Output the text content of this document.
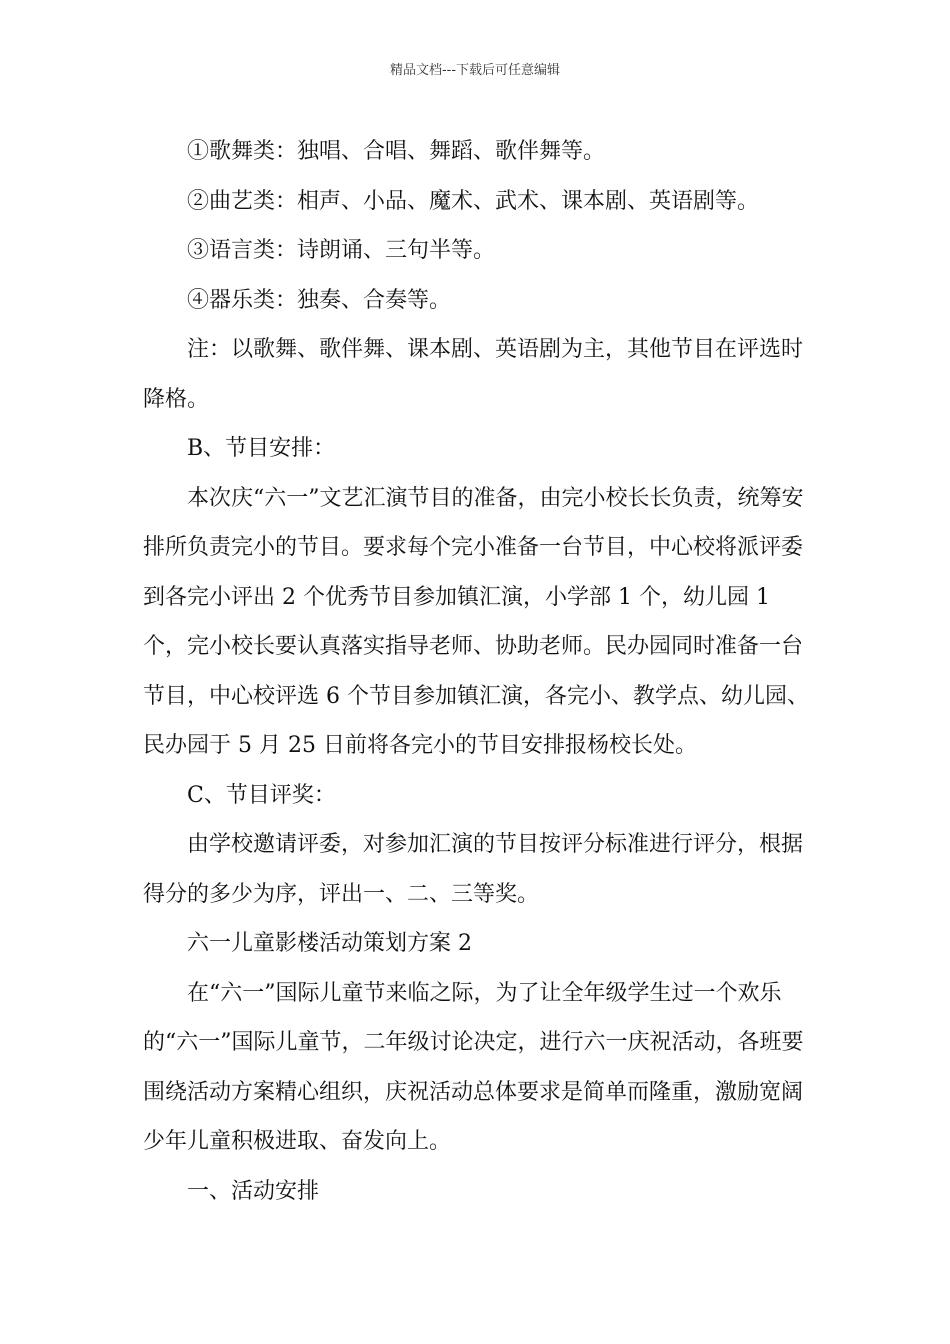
精品文档---下载后可任意编辑

①歌舞类：独唱、合唱、舞蹈、歌伴舞等。

②曲艺类：相声、小品、魔术、武术、课本剧、英语剧等。

③语言类：诗朗诵、三句半等。

④器乐类：独奏、合奏等。

注：以歌舞、歌伴舞、课本剧、英语剧为主，其他节目在评选时降格。

B、节目安排：

本次庆“六一”文艺汇演节目的准备，由完小校长长负责，统筹安排所负责完小的节目。要求每个完小准备一台节目，中心校将派评委到各完小评出 2 个优秀节目参加镇汇演，小学部 1 个，幼儿园 1 个，完小校长要认真落实指导老师、协助老师。民办园同时准备一台节目，中心校评选 6 个节目参加镇汇演，各完小、教学点、幼儿园、民办园于 5 月 25 日前将各完小的节目安排报杨校长处。

C、节目评奖：

由学校邀请评委，对参加汇演的节目按评分标准进行评分，根据得分的多少为序，评出一、二、三等奖。

六一儿童影楼活动策划方案 2

在“六一”国际儿童节来临之际，为了让全年级学生过一个欢乐的“六一”国际儿童节，二年级讨论决定，进行六一庆祝活动，各班要围绕活动方案精心组织，庆祝活动总体要求是简单而隆重，激励宽阔少年儿童积极进取、奋发向上。

一、活动安排
